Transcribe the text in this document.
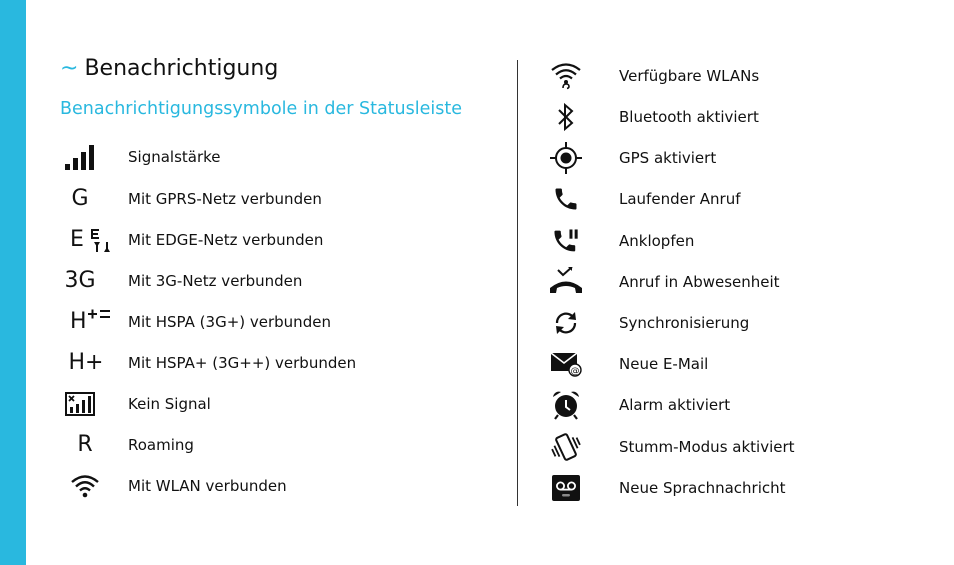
~ Benachrichtigung
Benachrichtigungssymbole in der Statusleiste
Signalstärke
G	Mit GPRS-Netz verbunden
E	Mit EDGE-Netz verbunden
3G Mit 3G-Netz verbunden
H	Mit HSPA (3G+) verbunden
H+ Mit HSPA+ (3G++) verbunden
Kein Signal
R Roaming
Mit WLAN verbunden
Verfügbare WLANs
Bluetooth aktiviert
GPS aktiviert
Laufender Anruf
Anklopfen
Anruf in Abwesenheit
Synchronisierung
@	Neue E-Mail
Alarm aktiviert
Stumm-Modus aktiviert
Neue Sprachnachricht
